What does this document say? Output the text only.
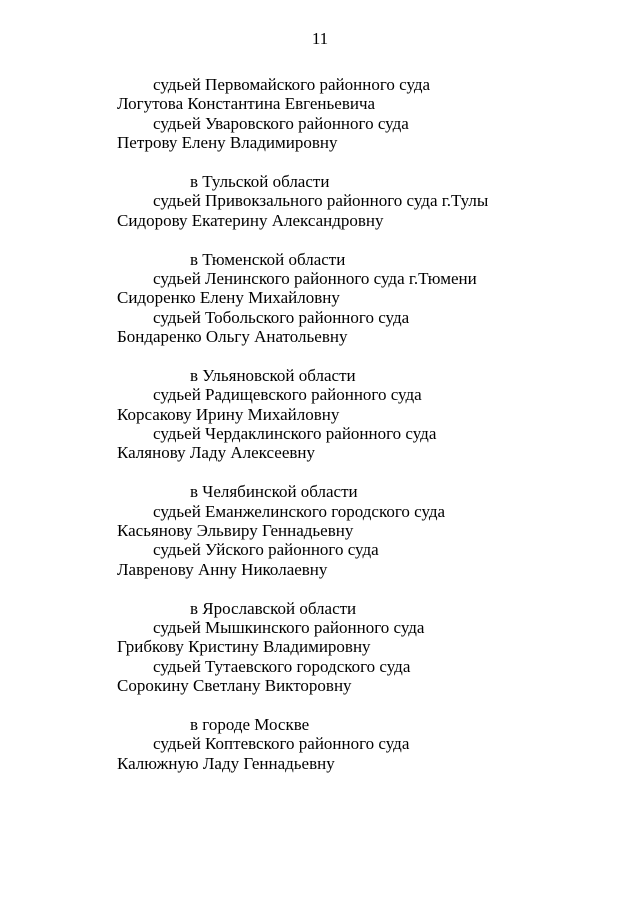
11
судьей Первомайского районного суда
Логутова Константина Евгеньевича
судьей Уваровского районного суда
Петрову Елену Владимировну
в Тульской области
судьей Привокзального районного суда г.Тулы
Сидорову Екатерину Александровну
в Тюменской области
судьей Ленинского районного суда г.Тюмени
Сидоренко Елену Михайловну
судьей Тобольского районного суда
Бондаренко Ольгу Анатольевну
в Ульяновской области
судьей Радищевского районного суда
Корсакову Ирину Михайловну
судьей Чердаклинского районного суда
Калянову Ладу Алексеевну
в Челябинской области
судьей Еманжелинского городского суда
Касьянову Эльвиру Геннадьевну
судьей Уйского районного суда
Лавренову Анну Николаевну
в Ярославской области
судьей Мышкинского районного суда
Грибкову Кристину Владимировну
судьей Тутаевского городского суда
Сорокину Светлану Викторовну
в городе Москве
судьей Коптевского районного суда
Калюжную Ладу Геннадьевну
